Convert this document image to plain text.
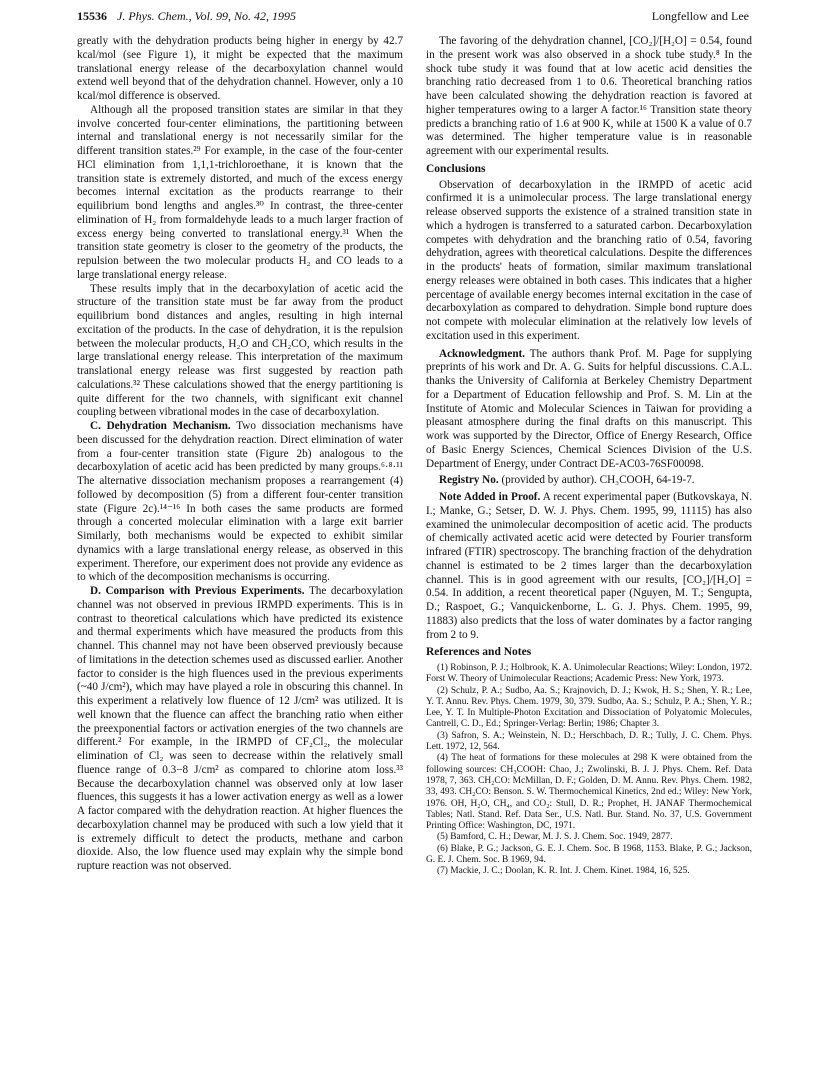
15536 J. Phys. Chem., Vol. 99, No. 42, 1995	Longfellow and Lee

greatly with the dehydration products being higher in energy by 42.7 kcal/mol (see Figure 1), it might be expected that the maximum translational energy release of the decarboxylation channel would extend well beyond that of the dehydration channel. However, only a 10 kcal/mol difference is observed.

Although all the proposed transition states are similar in that they involve concerted four-center eliminations, the partitioning between internal and translational energy is not necessarily similar for the different transition states.²⁹ For example, in the case of the four-center HCl elimination from 1,1,1-trichloroethane, it is known that the transition state is extremely distorted, and much of the excess energy becomes internal excitation as the products rearrange to their equilibrium bond lengths and angles.³⁰ In contrast, the three-center elimination of H₂ from formaldehyde leads to a much larger fraction of excess energy being converted to translational energy.³¹ When the transition state geometry is closer to the geometry of the products, the repulsion between the two molecular products H₂ and CO leads to a large translational energy release.

These results imply that in the decarboxylation of acetic acid the structure of the transition state must be far away from the product equilibrium bond distances and angles, resulting in high internal excitation of the products. In the case of dehydration, it is the repulsion between the molecular products, H₂O and CH₂CO, which results in the large translational energy release. This interpretation of the maximum translational energy release was first suggested by reaction path calculations.³² These calculations showed that the energy partitioning is quite different for the two channels, with significant exit channel coupling between vibrational modes in the case of decarboxylation.

C. Dehydration Mechanism. Two dissociation mechanisms have been discussed for the dehydration reaction. Direct elimination of water from a four-center transition state (Figure 2b) analogous to the decarboxylation of acetic acid has been predicted by many groups.⁶·⁸·¹¹ The alternative dissociation mechanism proposes a rearrangement (4) followed by decomposition (5) from a different four-center transition state (Figure 2c).¹⁴⁻¹⁶ In both cases the same products are formed through a concerted molecular elimination with a large exit barrier Similarly, both mechanisms would be expected to exhibit similar dynamics with a large translational energy release, as observed in this experiment. Therefore, our experiment does not provide any evidence as to which of the decomposition mechanisms is occurring.

D. Comparison with Previous Experiments. The decarboxylation channel was not observed in previous IRMPD experiments. This is in contrast to theoretical calculations which have predicted its existence and thermal experiments which have measured the products from this channel. This channel may not have been observed previously because of limitations in the detection schemes used as discussed earlier. Another factor to consider is the high fluences used in the previous experiments (~40 J/cm²), which may have played a role in obscuring this channel. In this experiment a relatively low fluence of 12 J/cm² was utilized. It is well known that the fluence can affect the branching ratio when either the preexponential factors or activation energies of the two channels are different.² For example, in the IRMPD of CF₂Cl₂, the molecular elimination of Cl₂ was seen to decrease within the relatively small fluence range of 0.3−8 J/cm² as compared to chlorine atom loss.³³ Because the decarboxylation channel was observed only at low laser fluences, this suggests it has a lower activation energy as well as a lower A factor compared with the dehydration reaction. At higher fluences the decarboxylation channel may be produced with such a low yield that it is extremely difficult to detect the products, methane and carbon dioxide. Also, the low fluence used may explain why the simple bond rupture reaction was not observed.

The favoring of the dehydration channel, [CO₂]/[H₂O] = 0.54, found in the present work was also observed in a shock tube study.⁸ In the shock tube study it was found that at low acetic acid densities the branching ratio decreased from 1 to 0.6. Theoretical branching ratios have been calculated showing the dehydration reaction is favored at higher temperatures owing to a larger A factor.¹⁶ Transition state theory predicts a branching ratio of 1.6 at 900 K, while at 1500 K a value of 0.7 was determined. The higher temperature value is in reasonable agreement with our experimental results.

Conclusions

Observation of decarboxylation in the IRMPD of acetic acid confirmed it is a unimolecular process. The large translational energy release observed supports the existence of a strained transition state in which a hydrogen is transferred to a saturated carbon. Decarboxylation competes with dehydration and the branching ratio of 0.54, favoring dehydration, agrees with theoretical calculations. Despite the differences in the products' heats of formation, similar maximum translational energy releases were obtained in both cases. This indicates that a higher percentage of available energy becomes internal excitation in the case of decarboxylation as compared to dehydration. Simple bond rupture does not compete with molecular elimination at the relatively low levels of excitation used in this experiment.

Acknowledgment. The authors thank Prof. M. Page for supplying preprints of his work and Dr. A. G. Suits for helpful discussions. C.A.L. thanks the University of California at Berkeley Chemistry Department for a Department of Education fellowship and Prof. S. M. Lin at the Institute of Atomic and Molecular Sciences in Taiwan for providing a pleasant atmosphere during the final drafts on this manuscript. This work was supported by the Director, Office of Energy Research, Office of Basic Energy Sciences, Chemical Sciences Division of the U.S. Department of Energy, under Contract DE-AC03-76SF00098.

Registry No. (provided by author). CH₃COOH, 64-19-7.

Note Added in Proof. A recent experimental paper (Butkovskaya, N. I.; Manke, G.; Setser, D. W. J. Phys. Chem. 1995, 99, 11115) has also examined the unimolecular decomposition of acetic acid. The products of chemically activated acetic acid were detected by Fourier transform infrared (FTIR) spectroscopy. The branching fraction of the dehydration channel is estimated to be 2 times larger than the decarboxylation channel. This is in good agreement with our results, [CO₂]/[H₂O] = 0.54. In addition, a recent theoretical paper (Nguyen, M. T.; Sengupta, D.; Raspoet, G.; Vanquickenborne, L. G. J. Phys. Chem. 1995, 99, 11883) also predicts that the loss of water dominates by a factor ranging from 2 to 9.

References and Notes

(1) Robinson, P. J.; Holbrook, K. A. Unimolecular Reactions; Wiley: London, 1972. Forst W. Theory of Unimolecular Reactions; Academic Press: New York, 1973.

(2) Schulz, P. A.; Sudbo, Aa. S.; Krajnovich, D. J.; Kwok, H. S.; Shen, Y. R.; Lee, Y. T. Annu. Rev. Phys. Chem. 1979, 30, 379. Sudbo, Aa. S.; Schulz, P. A.; Shen, Y. R.; Lee, Y. T. In Multiple-Photon Excitation and Dissociation of Polyatomic Molecules, Cantrell, C. D., Ed.; Springer-Verlag: Berlin; 1986; Chapter 3.

(3) Safron, S. A.; Weinstein, N. D.; Herschbach, D. R.; Tully, J. C. Chem. Phys. Lett. 1972, 12, 564.

(4) The heat of formations for these molecules at 298 K were obtained from the following sources: CH₃COOH: Chao, J.; Zwolinski, B. J. J. Phys. Chem. Ref. Data 1978, 7, 363. CH₂CO: McMillan, D. F.; Golden, D. M. Annu. Rev. Phys. Chem. 1982, 33, 493. CH₂CO: Benson. S. W. Thermochemical Kinetics, 2nd ed.; Wiley: New York, 1976. OH, H₂O, CH₄, and CO₂: Stull, D. R.; Prophet, H. JANAF Thermochemical Tables; Natl. Stand. Ref. Data Ser., U.S. Natl. Bur. Stand. No. 37, U.S. Government Printing Office: Washington, DC, 1971.

(5) Bamford, C. H.; Dewar, M. J. S. J. Chem. Soc. 1949, 2877.

(6) Blake, P. G.; Jackson, G. E. J. Chem. Soc. B 1968, 1153. Blake, P. G.; Jackson, G. E. J. Chem. Soc. B 1969, 94.

(7) Mackie, J. C.; Doolan, K. R. Int. J. Chem. Kinet. 1984, 16, 525.
